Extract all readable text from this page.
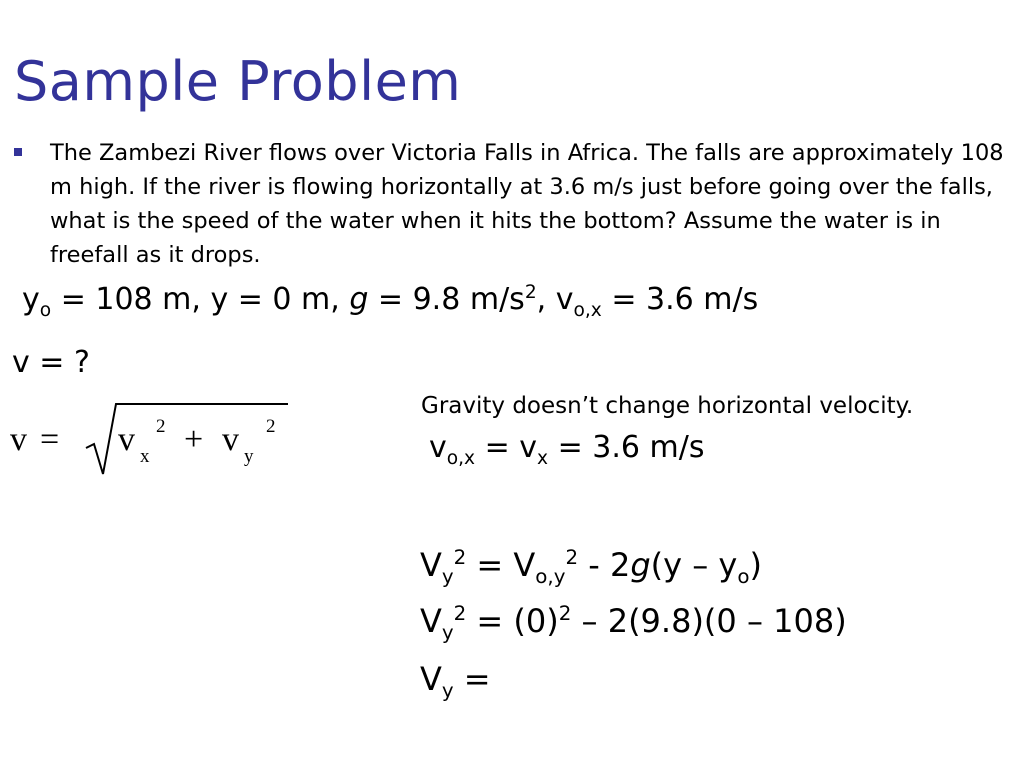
Sample Problem
The Zambezi River flows over Victoria Falls in Africa. The falls are approximately 108 m high. If the river is flowing horizontally at 3.6 m/s just before going over the falls, what is the speed of the water when it hits the bottom? Assume the water is in freefall as it drops.
$y_o = 108$ m, y = 0 m, g = 9.8 $m/s^2$, $v_{o,x} = 3.6$ m/s
v = ?
v = v x
2 + v y
2
Gravity doesn’t change horizontal velocity.
$v_{o,x} = v_x = 3.6$ m/s
$V_y^2 = V_{o,y}^2 - 2g(y - y_o)$
$V_y^2 = (0)^2 - 2(9.8)(0 - 108)$
$V_y$ =
